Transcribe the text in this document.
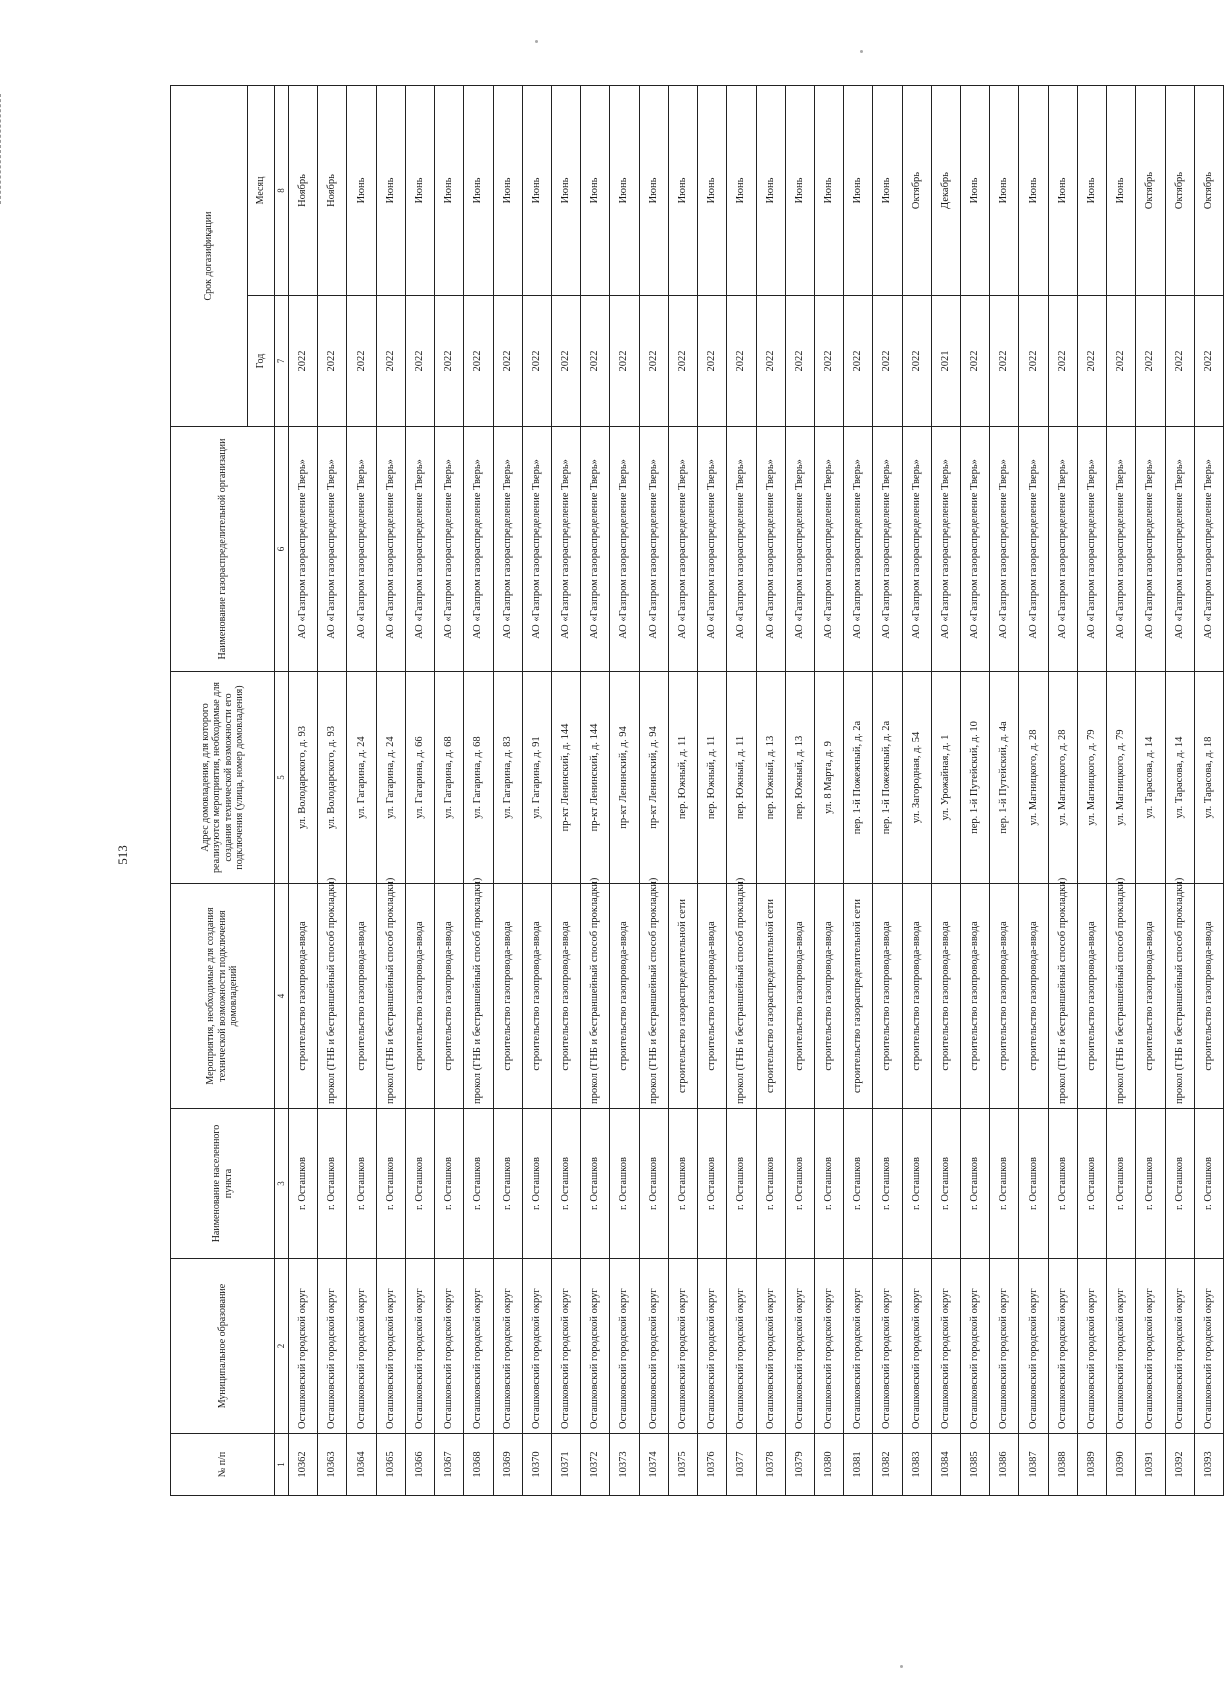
513
№ п/п	Муниципальное образование	Наименование населенного пункта	Мероприятия, необходимые для создания технической возможности подключения домовладений	Адрес домовладения, для которого реализуются мероприятия, необходимые для создания технической возможности его подключения (улица, номер домовладения)	Наименование газораспределительной организации	Срок догазификации	
						Год	Месяц
1	2	3	4	5	6	7	8
10362	Осташковский городской округ	г. Осташков	строительство газопровода-ввода	ул. Володарского, д. 93	АО «Газпром газораспределение Тверь»	2022	Ноябрь
10363	Осташковский городской округ	г. Осташков	прокол (ГНБ и бестраншейный способ прокладки)	ул. Володарского, д. 93	АО «Газпром газораспределение Тверь»	2022	Ноябрь
10364	Осташковский городской округ	г. Осташков	строительство газопровода-ввода	ул. Гагарина, д. 24	АО «Газпром газораспределение Тверь»	2022	Июнь
10365	Осташковский городской округ	г. Осташков	прокол (ГНБ и бестраншейный способ прокладки)	ул. Гагарина, д. 24	АО «Газпром газораспределение Тверь»	2022	Июнь
10366	Осташковский городской округ	г. Осташков	строительство газопровода-ввода	ул. Гагарина, д. 66	АО «Газпром газораспределение Тверь»	2022	Июнь
10367	Осташковский городской округ	г. Осташков	строительство газопровода-ввода	ул. Гагарина, д. 68	АО «Газпром газораспределение Тверь»	2022	Июнь
10368	Осташковский городской округ	г. Осташков	прокол (ГНБ и бестраншейный способ прокладки)	ул. Гагарина, д. 68	АО «Газпром газораспределение Тверь»	2022	Июнь
10369	Осташковский городской округ	г. Осташков	строительство газопровода-ввода	ул. Гагарина, д. 83	АО «Газпром газораспределение Тверь»	2022	Июнь
10370	Осташковский городской округ	г. Осташков	строительство газопровода-ввода	ул. Гагарина, д. 91	АО «Газпром газораспределение Тверь»	2022	Июнь
10371	Осташковский городской округ	г. Осташков	строительство газопровода-ввода	пр-кт Ленинский, д. 144	АО «Газпром газораспределение Тверь»	2022	Июнь
10372	Осташковский городской округ	г. Осташков	прокол (ГНБ и бестраншейный способ прокладки)	пр-кт Ленинский, д. 144	АО «Газпром газораспределение Тверь»	2022	Июнь
10373	Осташковский городской округ	г. Осташков	строительство газопровода-ввода	пр-кт Ленинский, д. 94	АО «Газпром газораспределение Тверь»	2022	Июнь
10374	Осташковский городской округ	г. Осташков	прокол (ГНБ и бестраншейный способ прокладки)	пр-кт Ленинский, д. 94	АО «Газпром газораспределение Тверь»	2022	Июнь
10375	Осташковский городской округ	г. Осташков	строительство газораспределительной сети	пер. Южный, д. 11	АО «Газпром газораспределение Тверь»	2022	Июнь
10376	Осташковский городской округ	г. Осташков	строительство газопровода-ввода	пер. Южный, д. 11	АО «Газпром газораспределение Тверь»	2022	Июнь
10377	Осташковский городской округ	г. Осташков	прокол (ГНБ и бестраншейный способ прокладки)	пер. Южный, д. 11	АО «Газпром газораспределение Тверь»	2022	Июнь
10378	Осташковский городской округ	г. Осташков	строительство газораспределительной сети	пер. Южный, д. 13	АО «Газпром газораспределение Тверь»	2022	Июнь
10379	Осташковский городской округ	г. Осташков	строительство газопровода-ввода	пер. Южный, д. 13	АО «Газпром газораспределение Тверь»	2022	Июнь
10380	Осташковский городской округ	г. Осташков	строительство газопровода-ввода	ул. 8 Марта, д. 9	АО «Газпром газораспределение Тверь»	2022	Июнь
10381	Осташковский городской округ	г. Осташков	строительство газораспределительной сети	пер. 1-й Пожежный, д. 2а	АО «Газпром газораспределение Тверь»	2022	Июнь
10382	Осташковский городской округ	г. Осташков	строительство газопровода-ввода	пер. 1-й Пожежный, д. 2а	АО «Газпром газораспределение Тверь»	2022	Июнь
10383	Осташковский городской округ	г. Осташков	строительство газопровода-ввода	ул. Загородная, д. 54	АО «Газпром газораспределение Тверь»	2022	Октябрь
10384	Осташковский городской округ	г. Осташков	строительство газопровода-ввода	ул. Урожайная, д. 1	АО «Газпром газораспределение Тверь»	2021	Декабрь
10385	Осташковский городской округ	г. Осташков	строительство газопровода-ввода	пер. 1-й Путейский, д. 10	АО «Газпром газораспределение Тверь»	2022	Июнь
10386	Осташковский городской округ	г. Осташков	строительство газопровода-ввода	пер. 1-й Путейский, д. 4а	АО «Газпром газораспределение Тверь»	2022	Июнь
10387	Осташковский городской округ	г. Осташков	строительство газопровода-ввода	ул. Магницкого, д. 28	АО «Газпром газораспределение Тверь»	2022	Июнь
10388	Осташковский городской округ	г. Осташков	прокол (ГНБ и бестраншейный способ прокладки)	ул. Магницкого, д. 28	АО «Газпром газораспределение Тверь»	2022	Июнь
10389	Осташковский городской округ	г. Осташков	строительство газопровода-ввода	ул. Магницкого, д. 79	АО «Газпром газораспределение Тверь»	2022	Июнь
10390	Осташковский городской округ	г. Осташков	прокол (ГНБ и бестраншейный способ прокладки)	ул. Магницкого, д. 79	АО «Газпром газораспределение Тверь»	2022	Июнь
10391	Осташковский городской округ	г. Осташков	строительство газопровода-ввода	ул. Тарасова, д. 14	АО «Газпром газораспределение Тверь»	2022	Октябрь
10392	Осташковский городской округ	г. Осташков	прокол (ГНБ и бестраншейный способ прокладки)	ул. Тарасова, д. 14	АО «Газпром газораспределение Тверь»	2022	Октябрь
10393	Осташковский городской округ	г. Осташков	строительство газопровода-ввода	ул. Тарасова, д. 18	АО «Газпром газораспределение Тверь»	2022	Октябрь
